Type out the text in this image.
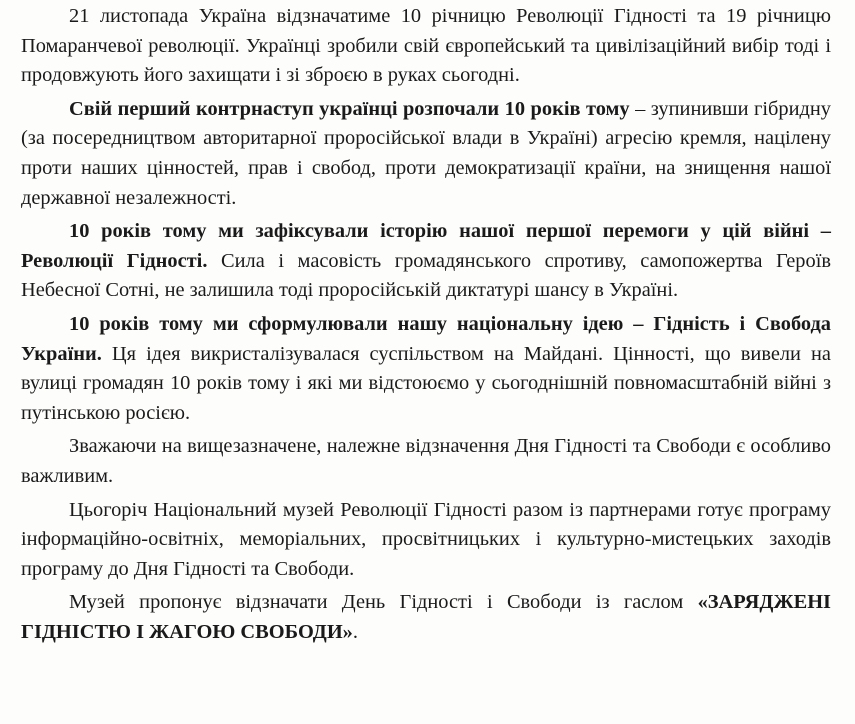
21 листопада Україна відзначатиме 10 річницю Революції Гідності та 19 річницю Помаранчевої революції. Українці зробили свій європейський та цивілізаційний вибір тоді і продовжують його захищати і зі зброєю в руках сьогодні.

Свій перший контрнаступ українці розпочали 10 років тому – зупинивши гібридну (за посередництвом авторитарної проросійської влади в Україні) агресію кремля, націлену проти наших цінностей, прав і свобод, проти демократизації країни, на знищення нашої державної незалежності.

10 років тому ми зафіксували історію нашої першої перемоги у цій війні – Революції Гідності. Сила і масовість громадянського спротиву, самопожертва Героїв Небесної Сотні, не залишила тоді проросійській диктатурі шансу в Україні.

10 років тому ми сформулювали нашу національну ідею – Гідність і Свобода України. Ця ідея викристалізувалася суспільством на Майдані. Цінності, що вивели на вулиці громадян 10 років тому і які ми відстоюємо у сьогоднішній повномасштабній війні з путінською росією.

Зважаючи на вищезазначене, належне відзначення Дня Гідності та Свободи є особливо важливим.

Цьогоріч Національний музей Революції Гідності разом із партнерами готує програму інформаційно-освітніх, меморіальних, просвітницьких і культурно-мистецьких заходів програму до Дня Гідності та Свободи.

Музей пропонує відзначати День Гідності і Свободи із гаслом «ЗАРЯДЖЕНІ ГІДНІСТЮ І ЖАГОЮ СВОБОДИ».
